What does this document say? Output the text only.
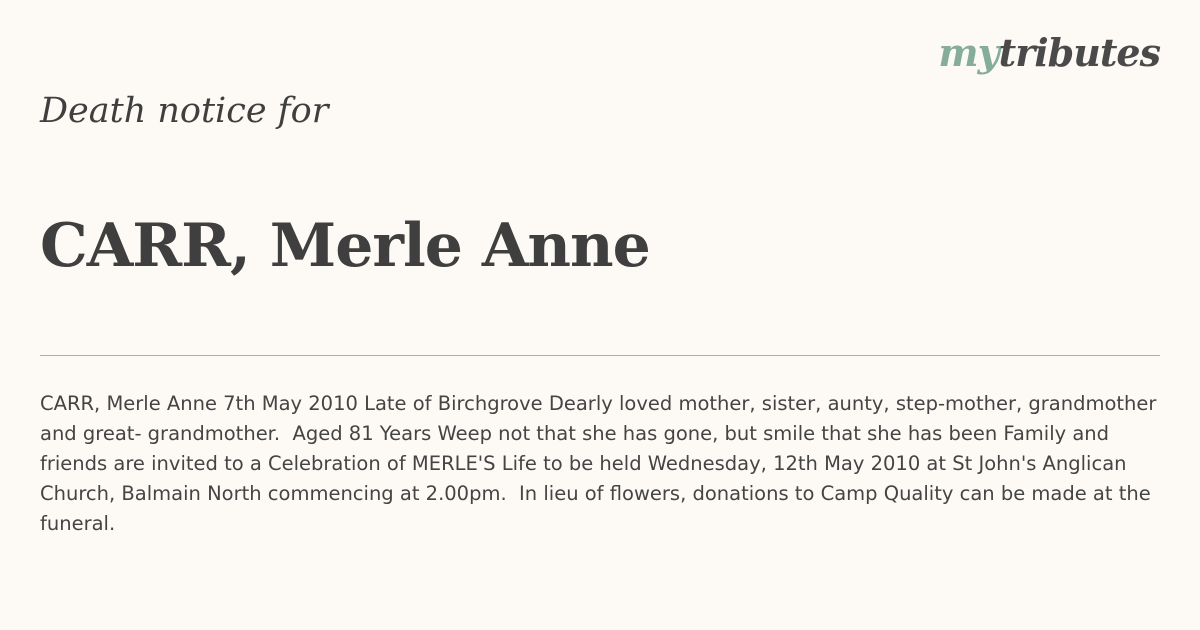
mytributes
Death notice for
CARR, Merle Anne

CARR, Merle Anne 7th May 2010 Late of Birchgrove Dearly loved mother, sister, aunty, step-mother, grandmother and great- grandmother.  Aged 81 Years Weep not that she has gone, but smile that she has been Family and friends are invited to a Celebration of MERLE'S Life to be held Wednesday, 12th May 2010 at St John's Anglican Church, Balmain North commencing at 2.00pm.  In lieu of flowers, donations to Camp Quality can be made at the funeral.
